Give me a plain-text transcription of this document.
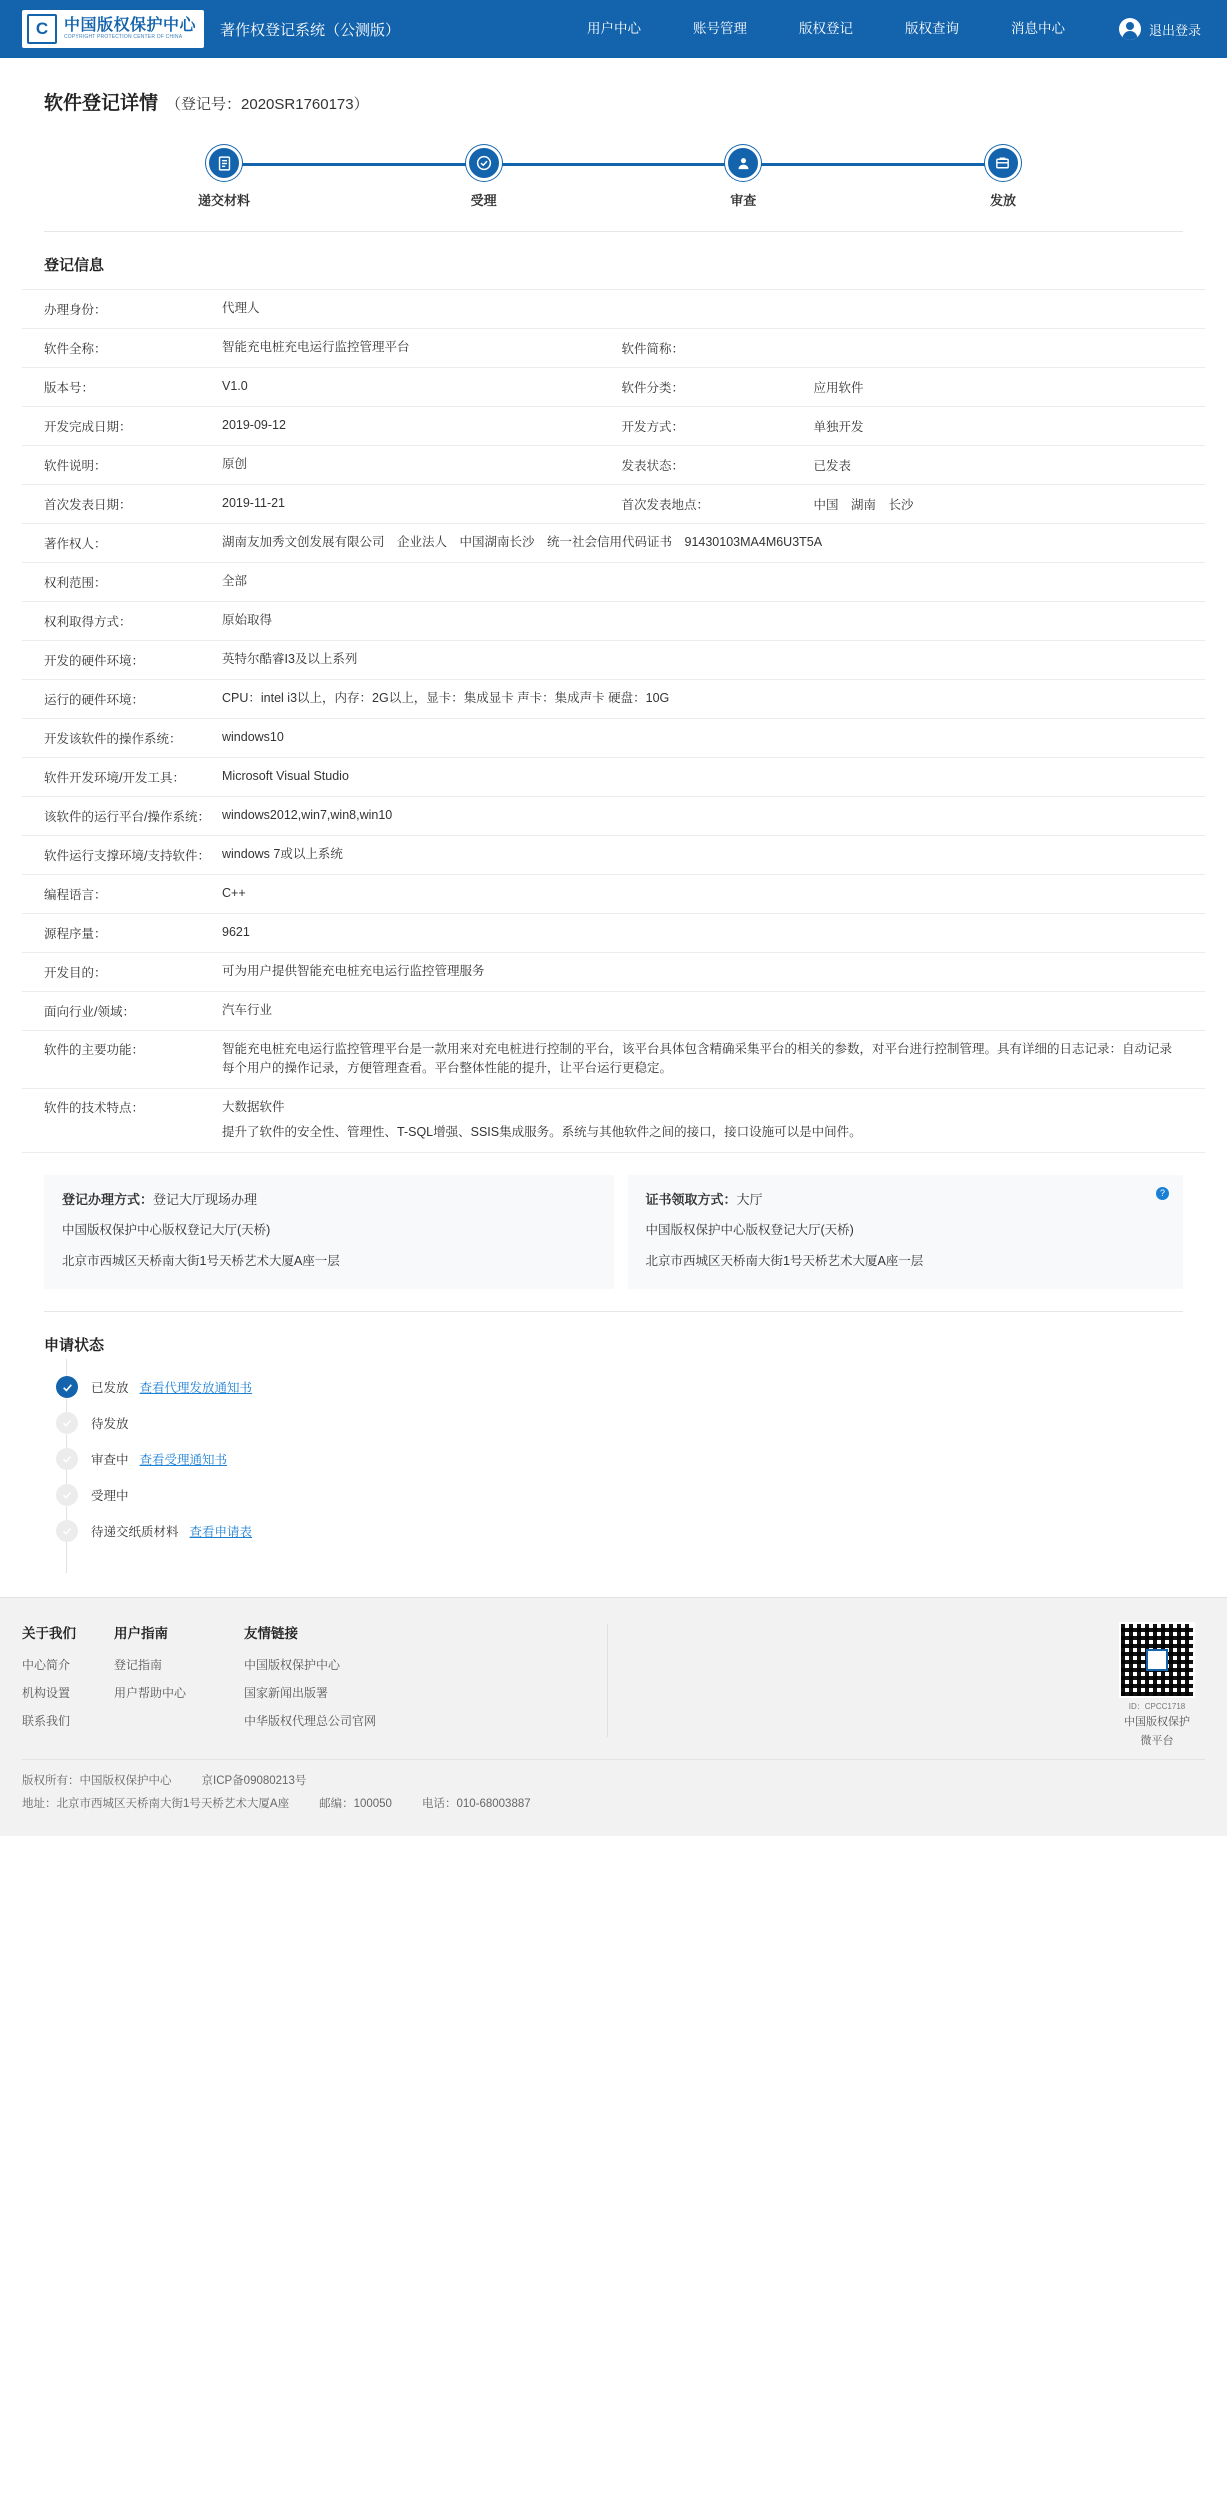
C 中国版权保护中心
COPYRIGHT PROTECTION CENTER OF CHINA	著作权登记系统（公测版）	用户中心	账号管理	版权登记	版权查询	消息中心	退出登录
软件登记详情 （登记号：2020SR1760173）
递交材料	受理	审查	发放
登记信息
办理身份：	代理人
软件全称：	智能充电桩充电运行监控管理平台	软件简称：
版本号：	V1.0	软件分类：	应用软件
开发完成日期：	2019-09-12	开发方式：	单独开发
软件说明：	原创	发表状态：	已发表
首次发表日期：	2019-11-21	首次发表地点：	中国　湖南　长沙
著作权人：	湖南友加秀文创发展有限公司　企业法人　中国湖南长沙　统一社会信用代码证书　91430103MA4M6U3T5A
权利范围：	全部
权利取得方式：	原始取得
开发的硬件环境：	英特尔酷睿I3及以上系列
运行的硬件环境：	CPU：intel i3以上，内存：2G以上，显卡：集成显卡 声卡：集成声卡 硬盘：10G
开发该软件的操作系统：	windows10
软件开发环境/开发工具：	Microsoft Visual Studio
该软件的运行平台/操作系统： windows2012,win7,win8,win10
软件运行支撑环境/支持软件： windows 7或以上系统
编程语言：	C++
源程序量：	9621
开发目的：	可为用户提供智能充电桩充电运行监控管理服务
面向行业/领域：	汽车行业
软件的主要功能：	智能充电桩充电运行监控管理平台是一款用来对充电桩进行控制的平台，该平台具体包含精确采集平台的相关的参数，对平台进行控制管理。具有详细的日志记录：自动记录每个用户的操作记录，方便管理查看。平台整体性能的提升，让平台运行更稳定。
软件的技术特点：	大数据软件
提升了软件的安全性、管理性、T-SQL增强、SSIS集成服务。系统与其他软件之间的接口，接口设施可以是中间件。
登记办理方式：登记大厅现场办理
中国版权保护中心版权登记大厅(天桥)
北京市西城区天桥南大街1号天桥艺术大厦A座一层
?
证书领取方式：大厅
中国版权保护中心版权登记大厅(天桥)
北京市西城区天桥南大街1号天桥艺术大厦A座一层
申请状态
已发放 查看代理发放通知书
待发放
审查中 查看受理通知书
受理中
待递交纸质材料 查看申请表
关于我们
中心简介
机构设置
联系我们
用户指南
登记指南
用户帮助中心
友情链接
中国版权保护中心
国家新闻出版署
中华版权代理总公司官网
ID：CPCC1718
中国版权保护
微平台
版权所有：中国版权保护中心	京ICP备09080213号
地址：北京市西城区天桥南大街1号天桥艺术大厦A座	邮编：100050	电话：010-68003887
